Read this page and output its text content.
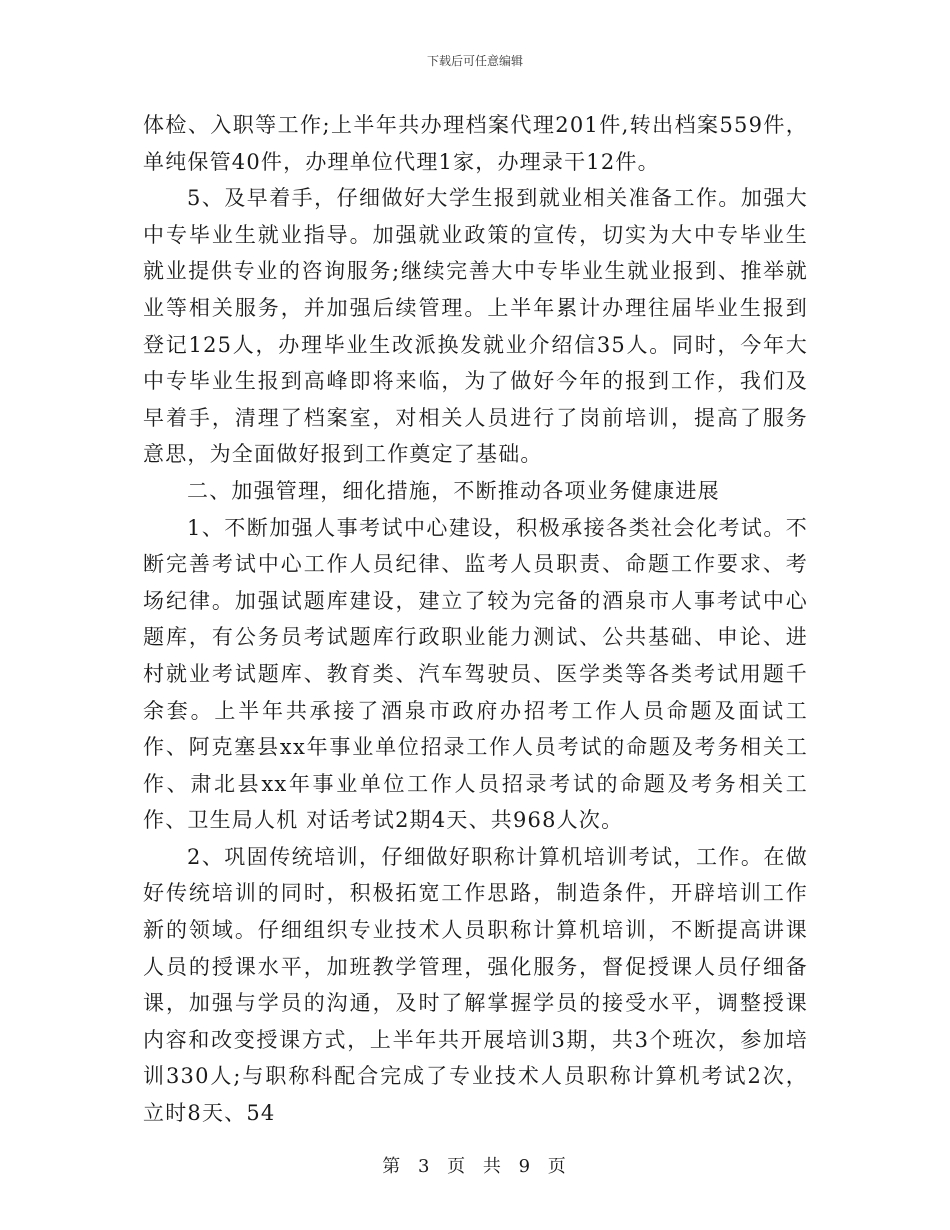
下载后可任意编辑

体检、入职等工作;上半年共办理档案代理201件,转出档案559件，单纯保管40件，办理单位代理1家，办理录干12件。

5、及早着手，仔细做好大学生报到就业相关准备工作。加强大中专毕业生就业指导。加强就业政策的宣传，切实为大中专毕业生就业提供专业的咨询服务;继续完善大中专毕业生就业报到、推举就业等相关服务，并加强后续管理。上半年累计办理往届毕业生报到登记125人，办理毕业生改派换发就业介绍信35人。同时，今年大中专毕业生报到高峰即将来临，为了做好今年的报到工作，我们及早着手，清理了档案室，对相关人员进行了岗前培训，提高了服务意思，为全面做好报到工作奠定了基础。

二、加强管理，细化措施，不断推动各项业务健康进展

1、不断加强人事考试中心建设，积极承接各类社会化考试。不断完善考试中心工作人员纪律、监考人员职责、命题工作要求、考场纪律。加强试题库建设，建立了较为完备的酒泉市人事考试中心题库，有公务员考试题库行政职业能力测试、公共基础、申论、进村就业考试题库、教育类、汽车驾驶员、医学类等各类考试用题千余套。上半年共承接了酒泉市政府办招考工作人员命题及面试工作、阿克塞县xx年事业单位招录工作人员考试的命题及考务相关工作、肃北县xx年事业单位工作人员招录考试的命题及考务相关工作、卫生局人机 对话考试2期4天、共968人次。

2、巩固传统培训，仔细做好职称计算机培训考试，工作。在做好传统培训的同时，积极拓宽工作思路，制造条件，开辟培训工作新的领域。仔细组织专业技术人员职称计算机培训，不断提高讲课人员的授课水平，加班教学管理，强化服务，督促授课人员仔细备课，加强与学员的沟通，及时了解掌握学员的接受水平，调整授课内容和改变授课方式，上半年共开展培训3期，共3个班次，参加培训330人;与职称科配合完成了专业技术人员职称计算机考试2次，立时8天、54

第 3 页 共 9 页
